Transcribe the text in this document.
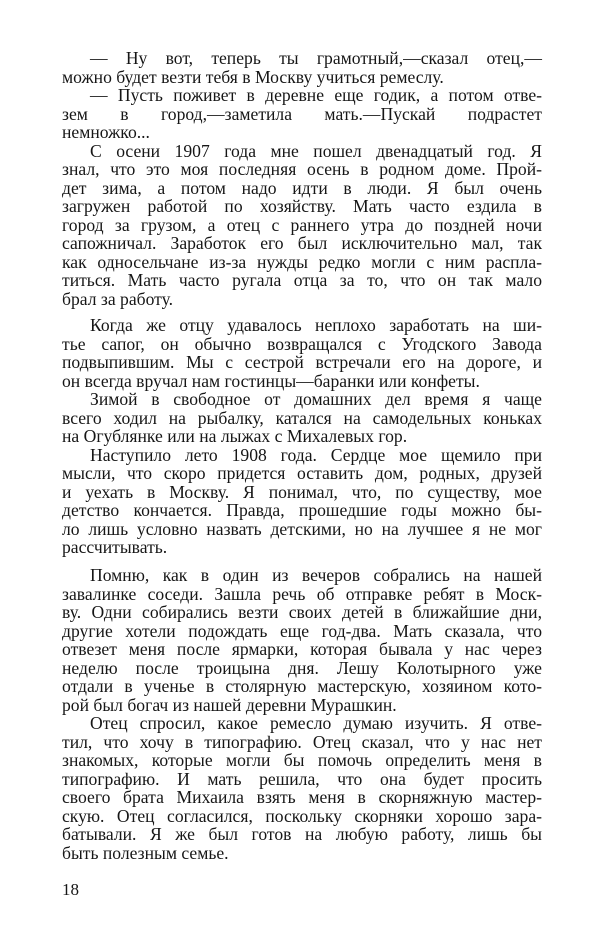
— Ну вот, теперь ты грамотный,—сказал отец,—
можно будет везти тебя в Москву учиться ремеслу.
— Пусть поживет в деревне еще годик, а потом отве-
зем в город,—заметила мать.—Пускай подрастет
немножко...
С осени 1907 года мне пошел двенадцатый год. Я
знал, что это моя последняя осень в родном доме. Прой-
дет зима, а потом надо идти в люди. Я был очень
загружен работой по хозяйству. Мать часто ездила в
город за грузом, а отец с раннего утра до поздней ночи
сапожничал. Заработок его был исключительно мал, так
как односельчане из-за нужды редко могли с ним распла-
титься. Мать часто ругала отца за то, что он так мало
брал за работу.
Когда же отцу удавалось неплохо заработать на ши-
тье сапог, он обычно возвращался с Угодского Завода
подвыпившим. Мы с сестрой встречали его на дороге, и
он всегда вручал нам гостинцы—баранки или конфеты.
Зимой в свободное от домашних дел время я чаще
всего ходил на рыбалку, катался на самодельных коньках
на Огублянке или на лыжах с Михалевых гор.
Наступило лето 1908 года. Сердце мое щемило при
мысли, что скоро придется оставить дом, родных, друзей
и уехать в Москву. Я понимал, что, по существу, мое
детство кончается. Правда, прошедшие годы можно бы-
ло лишь условно назвать детскими, но на лучшее я не мог
рассчитывать.
Помню, как в один из вечеров собрались на нашей
завалинке соседи. Зашла речь об отправке ребят в Моск-
ву. Одни собирались везти своих детей в ближайшие дни,
другие хотели подождать еще год-два. Мать сказала, что
отвезет меня после ярмарки, которая бывала у нас через
неделю после троицына дня. Лешу Колотырного уже
отдали в ученье в столярную мастерскую, хозяином кото-
рой был богач из нашей деревни Мурашкин.
Отец спросил, какое ремесло думаю изучить. Я отве-
тил, что хочу в типографию. Отец сказал, что у нас нет
знакомых, которые могли бы помочь определить меня в
типографию. И мать решила, что она будет просить
своего брата Михаила взять меня в скорняжную мастер-
скую. Отец согласился, поскольку скорняки хорошо зара-
батывали. Я же был готов на любую работу, лишь бы
быть полезным семье.
18
